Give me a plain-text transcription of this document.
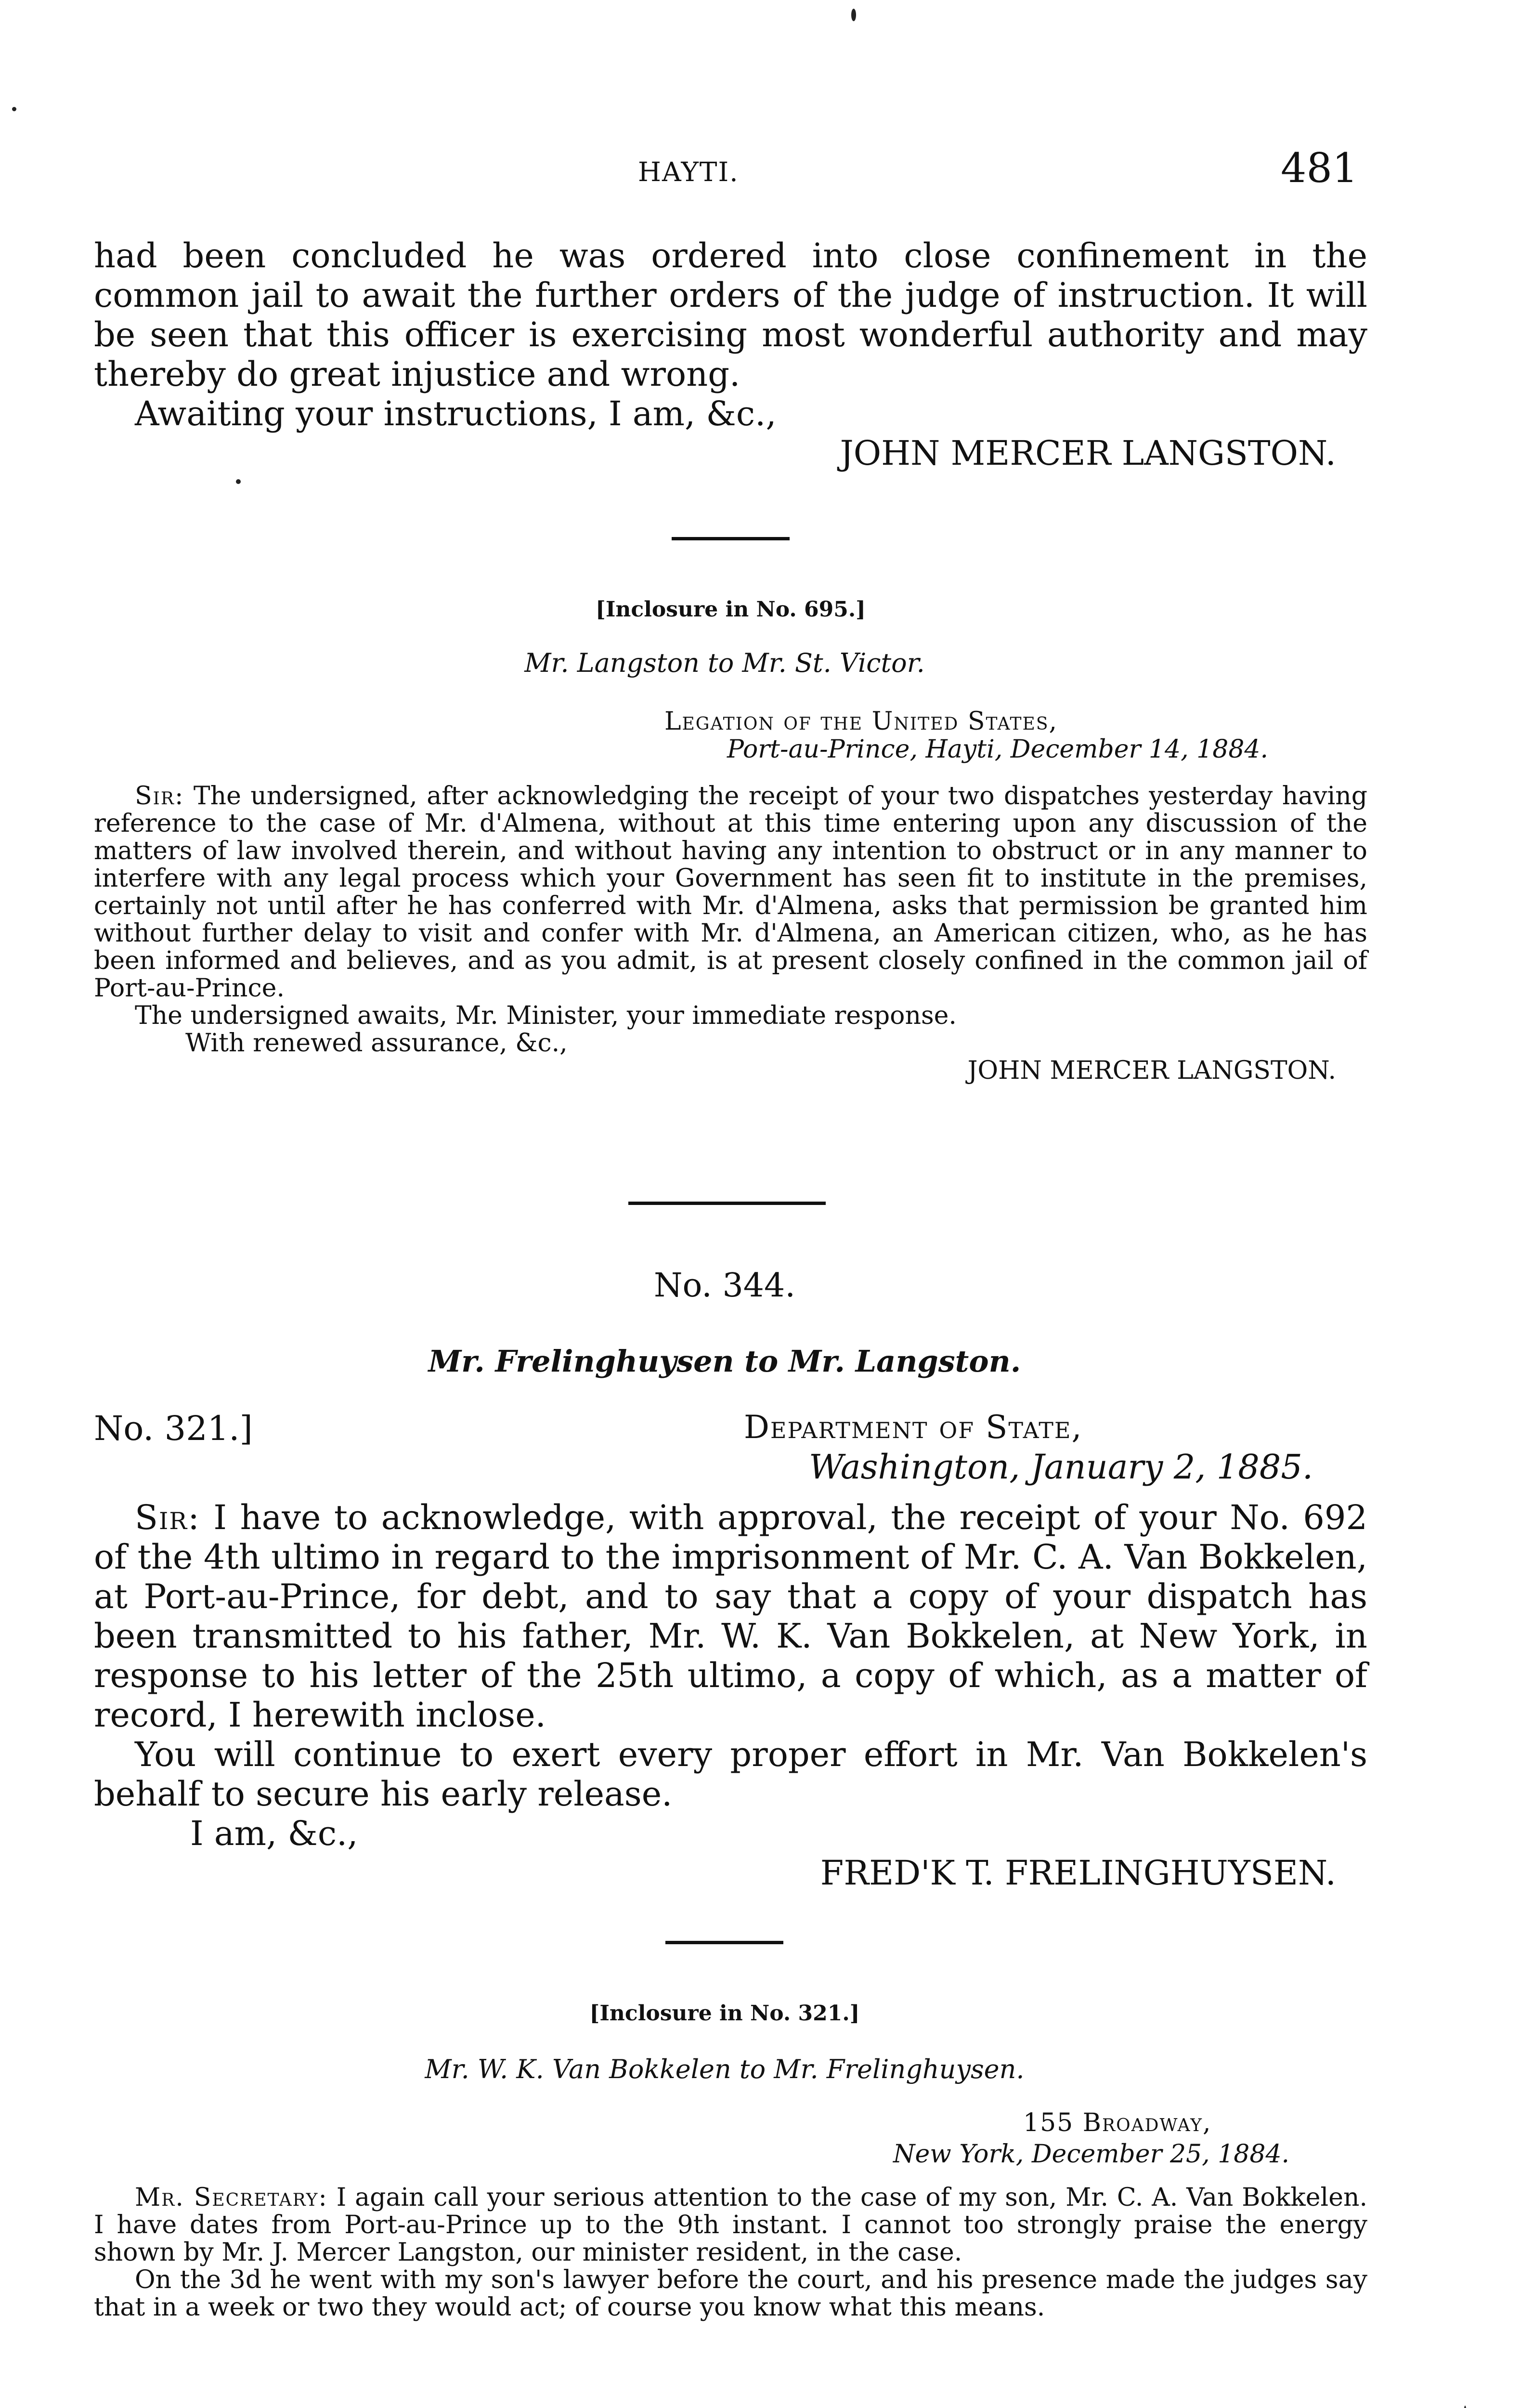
HAYTI.	481

had been concluded he was ordered into close confinement in the common jail to await the further orders of the judge of instruction. It will be seen that this officer is exercising most wonderful authority and may thereby do great injustice and wrong.

Awaiting your instructions, I am, &c.,

JOHN MERCER LANGSTON.

[Inclosure in No. 695.]
Mr. Langston to Mr. St. Victor.
Legation of the United States,
Port-au-Prince, Hayti, December 14, 1884.

Sir: The undersigned, after acknowledging the receipt of your two dispatches yesterday having reference to the case of Mr. d'Almena, without at this time entering upon any discussion of the matters of law involved therein, and without having any intention to obstruct or in any manner to interfere with any legal process which your Government has seen fit to institute in the premises, certainly not until after he has conferred with Mr. d'Almena, asks that permission be granted him without further delay to visit and confer with Mr. d'Almena, an American citizen, who, as he has been informed and believes, and as you admit, is at present closely confined in the common jail of Port-au-Prince.

The undersigned awaits, Mr. Minister, your immediate response.

With renewed assurance, &c.,

JOHN MERCER LANGSTON.

No. 344.
Mr. Frelinghuysen to Mr. Langston.
No. 321.]	Department of State,
Washington, January 2, 1885.

Sir: I have to acknowledge, with approval, the receipt of your No. 692 of the 4th ultimo in regard to the imprisonment of Mr. C. A. Van Bokkelen, at Port-au-Prince, for debt, and to say that a copy of your dispatch has been transmitted to his father, Mr. W. K. Van Bokkelen, at New York, in response to his letter of the 25th ultimo, a copy of which, as a matter of record, I herewith inclose.

You will continue to exert every proper effort in Mr. Van Bokkelen's behalf to secure his early release.

I am, &c.,

FRED'K T. FRELINGHUYSEN.

[Inclosure in No. 321.]
Mr. W. K. Van Bokkelen to Mr. Frelinghuysen.
155 Broadway,
New York, December 25, 1884.

Mr. Secretary: I again call your serious attention to the case of my son, Mr. C. A. Van Bokkelen. I have dates from Port-au-Prince up to the 9th instant. I cannot too strongly praise the energy shown by Mr. J. Mercer Langston, our minister resident, in the case.

On the 3d he went with my son's lawyer before the court, and his presence made the judges say that in a week or two they would act; of course you know what this means.
